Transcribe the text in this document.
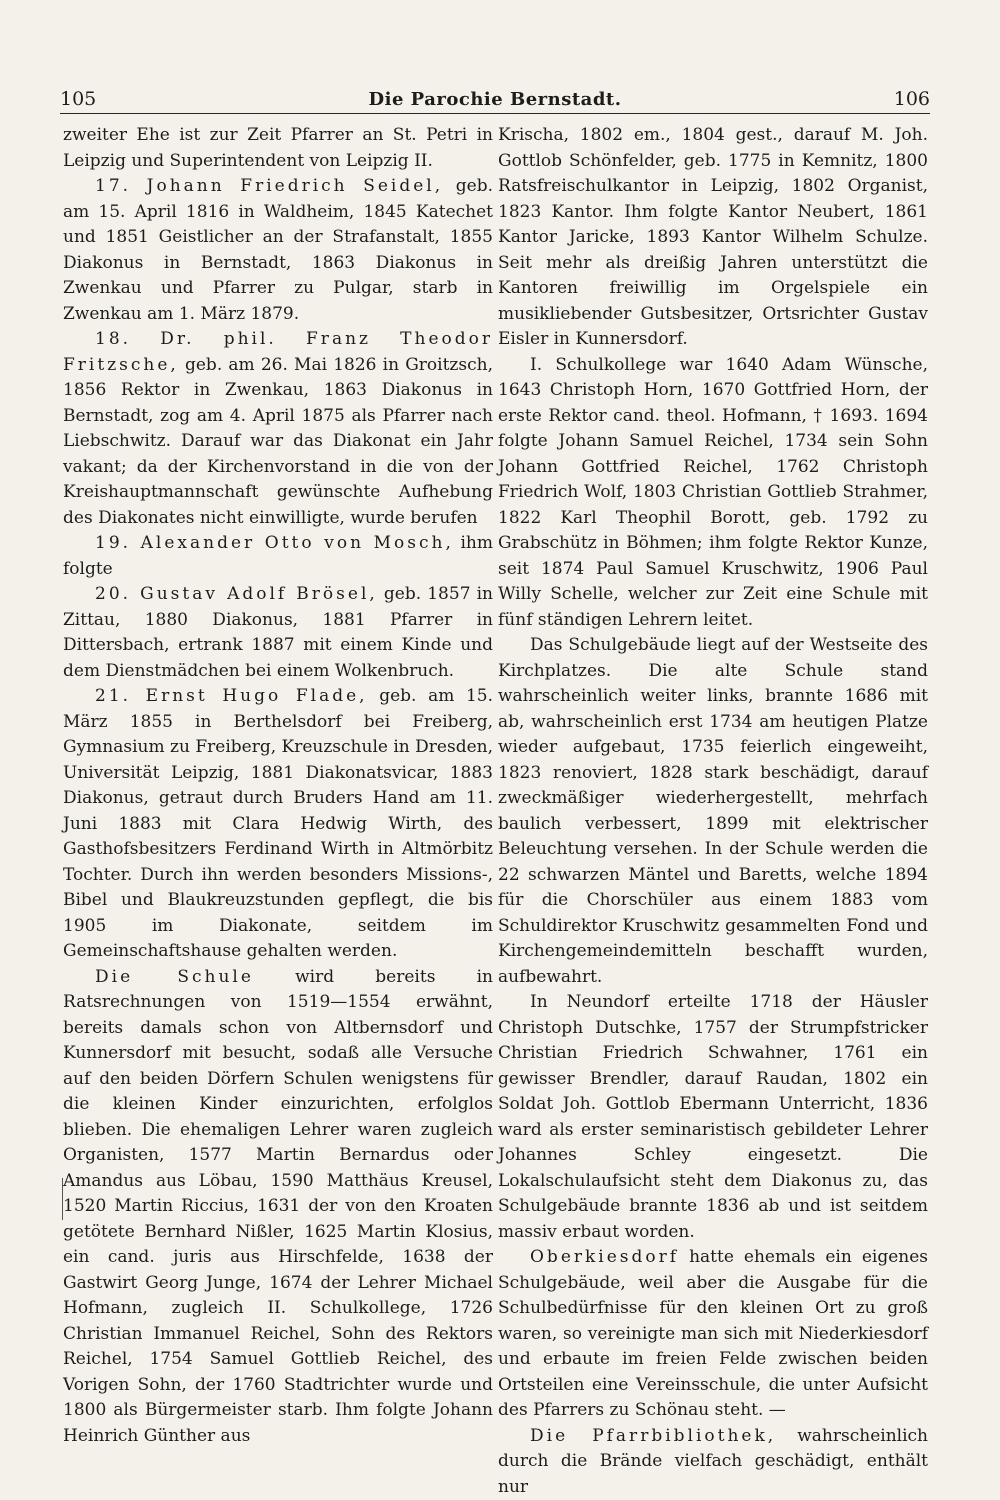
105	Die Parochie Bernstadt.	106

zweiter Ehe ist zur Zeit Pfarrer an St. Petri in Leipzig und Superintendent von Leipzig II.

17. Johann Friedrich Seidel, geb. am 15. April 1816 in Waldheim, 1845 Katechet und 1851 Geistlicher an der Strafanstalt, 1855 Diakonus in Bernstadt, 1863 Diakonus in Zwenkau und Pfarrer zu Pulgar, starb in Zwenkau am 1. März 1879.

18. Dr. phil. Franz Theodor Fritzsche, geb. am 26. Mai 1826 in Groitzsch, 1856 Rektor in Zwenkau, 1863 Diakonus in Bernstadt, zog am 4. April 1875 als Pfarrer nach Liebschwitz. Darauf war das Diakonat ein Jahr vakant; da der Kirchenvorstand in die von der Kreishauptmannschaft gewünschte Aufhebung des Diakonates nicht einwilligte, wurde berufen

19. Alexander Otto von Mosch, ihm folgte

20. Gustav Adolf Brösel, geb. 1857 in Zittau, 1880 Diakonus, 1881 Pfarrer in Dittersbach, ertrank 1887 mit einem Kinde und dem Dienstmädchen bei einem Wolkenbruch.

21. Ernst Hugo Flade, geb. am 15. März 1855 in Berthelsdorf bei Freiberg, Gymnasium zu Freiberg, Kreuzschule in Dresden, Universität Leipzig, 1881 Diakonatsvicar, 1883 Diakonus, getraut durch Bruders Hand am 11. Juni 1883 mit Clara Hedwig Wirth, des Gasthofsbesitzers Ferdinand Wirth in Altmörbitz Tochter. Durch ihn werden besonders Missions-, Bibel und Blaukreuzstunden gepflegt, die bis 1905 im Diakonate, seitdem im Gemeinschaftshause gehalten werden.

Die Schule wird bereits in Ratsrechnungen von 1519—1554 erwähnt, bereits damals schon von Altbernsdorf und Kunnersdorf mit besucht, sodaß alle Versuche auf den beiden Dörfern Schulen wenigstens für die kleinen Kinder einzurichten, erfolglos blieben. Die ehemaligen Lehrer waren zugleich Organisten, 1577 Martin Bernardus oder Amandus aus Löbau, 1590 Matthäus Kreusel, 1520 Martin Riccius, 1631 der von den Kroaten getötete Bernhard Nißler, 1625 Martin Klosius, ein cand. juris aus Hirschfelde, 1638 der Gastwirt Georg Junge, 1674 der Lehrer Michael Hofmann, zugleich II. Schulkollege, 1726 Christian Immanuel Reichel, Sohn des Rektors Reichel, 1754 Samuel Gottlieb Reichel, des Vorigen Sohn, der 1760 Stadtrichter wurde und 1800 als Bürgermeister starb. Ihm folgte Johann Heinrich Günther aus

Krischa, 1802 em., 1804 gest., darauf M. Joh. Gottlob Schönfelder, geb. 1775 in Kemnitz, 1800 Ratsfreischulkantor in Leipzig, 1802 Organist, 1823 Kantor. Ihm folgte Kantor Neubert, 1861 Kantor Jaricke, 1893 Kantor Wilhelm Schulze. Seit mehr als dreißig Jahren unterstützt die Kantoren freiwillig im Orgelspiele ein musikliebender Gutsbesitzer, Ortsrichter Gustav Eisler in Kunnersdorf.

I. Schulkollege war 1640 Adam Wünsche, 1643 Christoph Horn, 1670 Gottfried Horn, der erste Rektor cand. theol. Hofmann, † 1693. 1694 folgte Johann Samuel Reichel, 1734 sein Sohn Johann Gottfried Reichel, 1762 Christoph Friedrich Wolf, 1803 Christian Gottlieb Strahmer, 1822 Karl Theophil Borott, geb. 1792 zu Grabschütz in Böhmen; ihm folgte Rektor Kunze, seit 1874 Paul Samuel Kruschwitz, 1906 Paul Willy Schelle, welcher zur Zeit eine Schule mit fünf ständigen Lehrern leitet.

Das Schulgebäude liegt auf der Westseite des Kirchplatzes. Die alte Schule stand wahrscheinlich weiter links, brannte 1686 mit ab, wahrscheinlich erst 1734 am heutigen Platze wieder aufgebaut, 1735 feierlich eingeweiht, 1823 renoviert, 1828 stark beschädigt, darauf zweckmäßiger wiederhergestellt, mehrfach baulich verbessert, 1899 mit elektrischer Beleuchtung versehen. In der Schule werden die 22 schwarzen Mäntel und Baretts, welche 1894 für die Chorschüler aus einem 1883 vom Schuldirektor Kruschwitz gesammelten Fond und Kirchengemeindemitteln beschafft wurden, aufbewahrt.

In Neundorf erteilte 1718 der Häusler Christoph Dutschke, 1757 der Strumpfstricker Christian Friedrich Schwahner, 1761 ein gewisser Brendler, darauf Raudan, 1802 ein Soldat Joh. Gottlob Ebermann Unterricht, 1836 ward als erster seminaristisch gebildeter Lehrer Johannes Schley eingesetzt. Die Lokalschulaufsicht steht dem Diakonus zu, das Schulgebäude brannte 1836 ab und ist seitdem massiv erbaut worden.

Oberkiesdorf hatte ehemals ein eigenes Schulgebäude, weil aber die Ausgabe für die Schulbedürfnisse für den kleinen Ort zu groß waren, so vereinigte man sich mit Niederkiesdorf und erbaute im freien Felde zwischen beiden Ortsteilen eine Vereinsschule, die unter Aufsicht des Pfarrers zu Schönau steht. —

Die Pfarrbibliothek, wahrscheinlich durch die Brände vielfach geschädigt, enthält nur
